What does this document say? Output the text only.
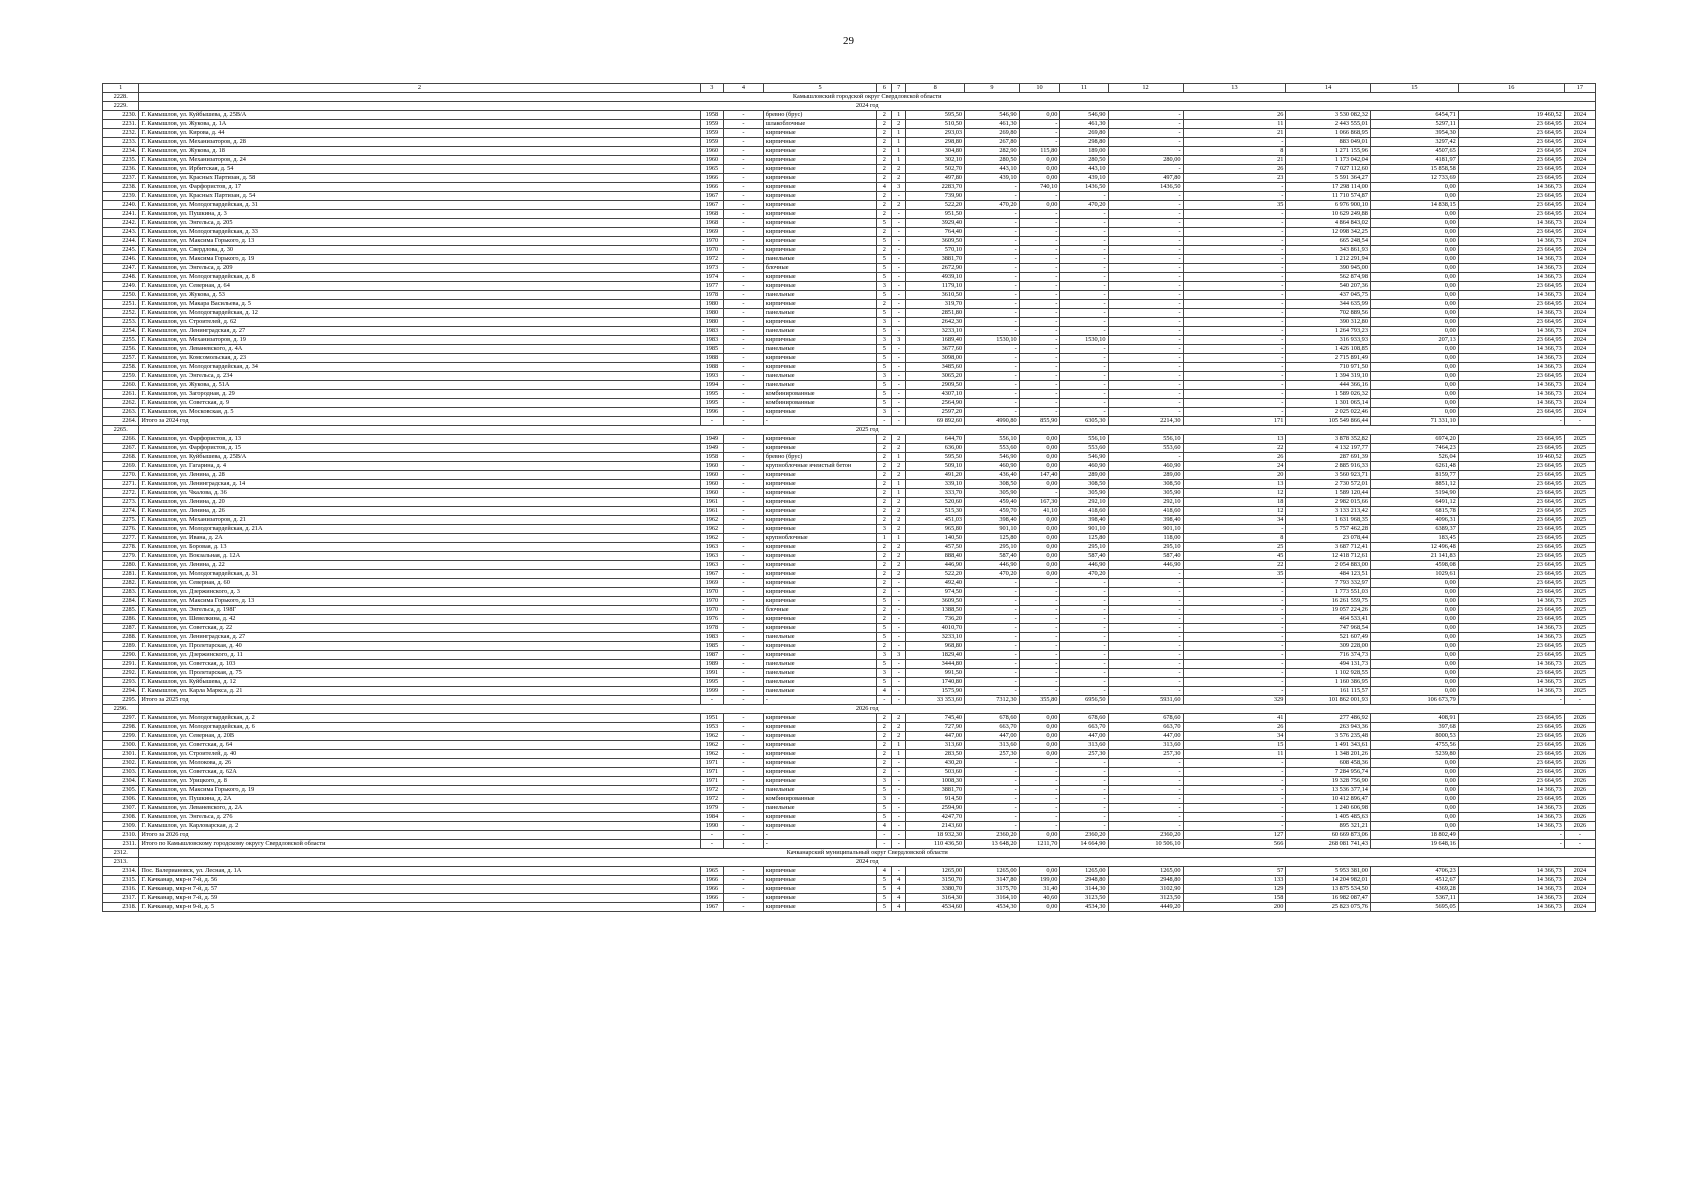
29
1	2	3	4	5	6	7	8	9	10	11	12	13	14	15	16	17
2228.	Камышловский городской округ Свердловской области															
2229.	2024 год															
2230.	Г. Камышлов, ул. Куйбышева, д. 25В/А	1958	-	бревно (брус)	2	1	595,50	546,90	0,00	546,90	-	26	3 530 082,32	6454,71	19 460,52	2024
2231.	Г. Камышлов, ул. Жукова, д. 1А	1959	-	шлакоблочные	2	2	510,50	461,30	-	461,30	-	11	2 443 555,01	5297,11	23 664,95	2024
2232.	Г. Камышлов, ул. Кирова, д. 44	1959	-	кирпичные	2	1	293,03	269,80	-	269,80	-	21	1 066 868,95	3954,30	23 664,95	2024
2233.	Г. Камышлов, ул. Механизаторов, д. 28	1959	-	кирпичные	2	1	298,80	267,80	-	298,80	-	-	883 049,01	3297,42	23 664,95	2024
2234.	Г. Камышлов, ул. Жукова, д. 18	1960	-	кирпичные	2	1	304,80	282,90	115,80	189,00	-	8	1 271 155,96	4507,65	23 664,95	2024
2235.	Г. Камышлов, ул. Механизаторов, д. 24	1960	-	кирпичные	2	1	302,10	280,50	0,00	280,50	280,00	21	1 173 042,04	4181,97	23 664,95	2024
2236.	Г. Камышлов, ул. Ирбитская, д. 54	1965	-	кирпичные	2	2	502,70	443,10	0,00	443,10	-	26	7 027 112,60	15 858,58	23 664,95	2024
2237.	Г. Камышлов, ул. Красных Партизан, д. 58	1966	-	кирпичные	2	2	497,80	439,10	0,00	439,10	497,80	23	5 591 364,27	12 733,69	23 664,95	2024
2238.	Г. Камышлов, ул. Фарфористов, д. 17	1966	-	кирпичные	4	3	2283,70	-	740,10	1436,50	1436,50	-	17 298 114,00	0,00	14 366,73	2024
2239.	Г. Камышлов, ул. Красных Партизан, д. 54	1967	-	кирпичные	2	-	739,90	-	-	-	-	-	11 710 574,87	0,00	23 664,95	2024
2240.	Г. Камышлов, ул. Молодогвардейская, д. 31	1967	-	кирпичные	2	2	522,20	470,20	0,00	470,20	-	35	6 976 900,10	14 838,15	23 664,95	2024
2241.	Г. Камышлов, ул. Пушкина, д. 3	1968	-	кирпичные	2	-	951,50	-	-	-	-	-	10 629 249,88	0,00	23 664,95	2024
2242.	Г. Камышлов, ул. Энгельса, д. 205	1968	-	кирпичные	5	-	3929,40	-	-	-	-	-	4 864 843,02	0,00	14 366,73	2024
2243.	Г. Камышлов, ул. Молодогвардейская, д. 33	1969	-	кирпичные	2	-	764,40	-	-	-	-	-	12 098 342,25	0,00	23 664,95	2024
2244.	Г. Камышлов, ул. Максима Горького, д. 13	1970	-	кирпичные	5	-	3609,50	-	-	-	-	-	665 248,54	0,00	14 366,73	2024
2245.	Г. Камышлов, ул. Свердлова, д. 30	1970	-	кирпичные	2	-	570,10	-	-	-	-	-	343 861,93	0,00	23 664,95	2024
2246.	Г. Камышлов, ул. Максима Горького, д. 19	1972	-	панельные	5	-	3881,70	-	-	-	-	-	1 212 291,94	0,00	14 366,73	2024
2247.	Г. Камышлов, ул. Энгельса, д. 209	1973	-	блочные	5	-	2672,90	-	-	-	-	-	390 945,00	0,00	14 366,73	2024
2248.	Г. Камышлов, ул. Молодогвардейская, д. 8	1974	-	кирпичные	5	-	4939,10	-	-	-	-	-	562 874,98	0,00	14 366,73	2024
2249.	Г. Камышлов, ул. Северная, д. 64	1977	-	кирпичные	3	-	1179,10	-	-	-	-	-	540 207,36	0,00	23 664,95	2024
2250.	Г. Камышлов, ул. Жукова, д. 53	1978	-	панельные	5	-	3610,50	-	-	-	-	-	437 045,75	0,00	14 366,73	2024
2251.	Г. Камышлов, ул. Макара Васильева, д. 5	1980	-	кирпичные	2	-	319,70	-	-	-	-	-	344 635,99	0,00	23 664,95	2024
2252.	Г. Камышлов, ул. Молодогвардейская, д. 12	1980	-	панельные	5	-	2851,80	-	-	-	-	-	702 889,56	0,00	14 366,73	2024
2253.	Г. Камышлов, ул. Строителей, д. 62	1980	-	кирпичные	3	-	2642,30	-	-	-	-	-	390 312,80	0,00	23 664,95	2024
2254.	Г. Камышлов, ул. Ленинградская, д. 27	1983	-	панельные	5	-	3233,10	-	-	-	-	-	1 264 793,23	0,00	14 366,73	2024
2255.	Г. Камышлов, ул. Механизаторов, д. 19	1983	-	кирпичные	3	3	1689,40	1530,10	-	1530,10	-	-	316 933,93	207,13	23 664,95	2024
2256.	Г. Камышлов, ул. Леваневского, д. 4А	1985	-	панельные	5	-	3677,60	-	-	-	-	-	1 426 108,85	0,00	14 366,73	2024
2257.	Г. Камышлов, ул. Комсомольская, д. 23	1988	-	кирпичные	5	-	3098,00	-	-	-	-	-	2 715 891,49	0,00	14 366,73	2024
2258.	Г. Камышлов, ул. Молодогвардейская, д. 34	1988	-	кирпичные	5	-	3485,60	-	-	-	-	-	710 971,50	0,00	14 366,73	2024
2259.	Г. Камышлов, ул. Энгельса, д. 234	1993	-	панельные	3	-	3065,20	-	-	-	-	-	1 394 319,10	0,00	23 664,95	2024
2260.	Г. Камышлов, ул. Жукова, д. 51А	1994	-	панельные	5	-	2909,50	-	-	-	-	-	444 366,16	0,00	14 366,73	2024
2261.	Г. Камышлов, ул. Загородная, д. 29	1995	-	комбинированные	5	-	4307,10	-	-	-	-	-	1 589 026,32	0,00	14 366,73	2024
2262.	Г. Камышлов, ул. Советская, д. 9	1995	-	комбинированные	5	-	2564,90	-	-	-	-	-	1 301 065,14	0,00	14 366,73	2024
2263.	Г. Камышлов, ул. Московская, д. 5	1996	-	кирпичные	3	-	2597,20	-	-	-	-	-	2 025 022,46	0,00	23 664,95	2024
2264.	Итого за 2024 год	-	-	-	-	-	69 892,60	4990,80	855,90	6305,30	2214,30	171	105 549 866,44	71 331,10	-	-
2265.	2025 год															
2266.	Г. Камышлов, ул. Фарфористов, д. 13	1949	-	кирпичные	2	2	644,70	556,10	0,00	556,10	556,10	13	3 878 352,82	6974,20	23 664,95	2025
2267.	Г. Камышлов, ул. Фарфористов, д. 15	1949	-	кирпичные	2	2	636,00	553,60	0,00	553,60	553,60	22	4 132 197,77	7464,23	23 664,95	2025
2268.	Г. Камышлов, ул. Куйбышева, д. 25В/А	1958	-	бревно (брус)	2	1	595,50	546,90	0,00	546,90	-	26	287 691,39	526,04	19 460,52	2025
2269.	Г. Камышлов, ул. Гагарина, д. 4	1960	-	крупноблочные ячеистый бетон	2	2	509,10	460,90	0,00	460,90	460,90	24	2 885 916,33	6261,48	23 664,95	2025
2270.	Г. Камышлов, ул. Ленина, д. 28	1960	-	кирпичные	2	2	491,20	436,40	147,40	289,00	289,00	20	3 560 923,71	8159,77	23 664,95	2025
2271.	Г. Камышлов, ул. Ленинградская, д. 14	1960	-	кирпичные	2	1	339,10	308,50	0,00	308,50	308,50	13	2 730 572,01	8851,12	23 664,95	2025
2272.	Г. Камышлов, ул. Чкалова, д. 36	1960	-	кирпичные	2	1	333,70	305,90	-	305,90	305,90	12	1 589 120,44	5194,90	23 664,95	2025
2273.	Г. Камышлов, ул. Ленина, д. 20	1961	-	кирпичные	2	2	520,60	459,40	167,30	292,10	292,10	18	2 982 015,66	6491,12	23 664,95	2025
2274.	Г. Камышлов, ул. Ленина, д. 26	1961	-	кирпичные	2	2	515,30	459,70	41,10	418,60	418,60	12	3 133 213,42	6815,78	23 664,95	2025
2275.	Г. Камышлов, ул. Механизаторов, д. 21	1962	-	кирпичные	2	2	451,03	398,40	0,00	398,40	398,40	34	1 631 968,35	4096,31	23 664,95	2025
2276.	Г. Камышлов, ул. Молодогвардейская, д. 21А	1962	-	кирпичные	3	2	965,80	901,10	0,00	901,10	901,10	-	5 757 462,28	6389,37	23 664,95	2025
2277.	Г. Камышлов, ул. Ивана, д. 2А	1962	-	крупноблочные	1	1	140,50	125,80	0,00	125,80	118,00	8	23 078,44	183,45	23 664,95	2025
2278.	Г. Камышлов, ул. Боровая, д. 13	1963	-	кирпичные	2	2	457,50	295,10	0,00	295,10	295,10	25	3 687 712,41	12 496,48	23 664,95	2025
2279.	Г. Камышлов, ул. Вокзальная, д. 12А	1963	-	кирпичные	2	2	888,40	587,40	0,00	587,40	587,40	45	12 418 712,61	21 141,83	23 664,95	2025
2280.	Г. Камышлов, ул. Ленина, д. 22	1963	-	кирпичные	2	2	446,90	446,90	0,00	446,90	446,90	22	2 054 883,00	4598,08	23 664,95	2025
2281.	Г. Камышлов, ул. Молодогвардейская, д. 31	1967	-	кирпичные	2	2	522,20	470,20	0,00	470,20	-	35	484 123,51	1029,61	23 664,95	2025
2282.	Г. Камышлов, ул. Северная, д. 60	1969	-	кирпичные	2	-	492,40	-	-	-	-	-	7 793 332,97	0,00	23 664,95	2025
2283.	Г. Камышлов, ул. Дзержинского, д. 3	1970	-	кирпичные	2	-	974,50	-	-	-	-	-	1 773 551,03	0,00	23 664,95	2025
2284.	Г. Камышлов, ул. Максима Горького, д. 13	1970	-	кирпичные	5	-	3609,50	-	-	-	-	-	16 261 559,75	0,00	14 366,73	2025
2285.	Г. Камышлов, ул. Энгельса, д. 198Г	1970	-	блочные	2	-	1388,50	-	-	-	-	-	19 057 224,26	0,00	23 664,95	2025
2286.	Г. Камышлов, ул. Шевелкина, д. 42	1976	-	кирпичные	2	-	736,20	-	-	-	-	-	464 533,41	0,00	23 664,95	2025
2287.	Г. Камышлов, ул. Советская, д. 22	1978	-	кирпичные	5	-	4010,70	-	-	-	-	-	747 968,54	0,00	14 366,73	2025
2288.	Г. Камышлов, ул. Ленинградская, д. 27	1983	-	панельные	5	-	3233,10	-	-	-	-	-	521 607,49	0,00	14 366,73	2025
2289.	Г. Камышлов, ул. Пролетарская, д. 40	1985	-	кирпичные	2	-	968,80	-	-	-	-	-	309 228,00	0,00	23 664,95	2025
2290.	Г. Камышлов, ул. Дзержинского, д. 11	1987	-	кирпичные	3	3	1829,40	-	-	-	-	-	716 374,73	0,00	23 664,95	2025
2291.	Г. Камышлов, ул. Советская, д. 103	1989	-	панельные	5	-	3444,80	-	-	-	-	-	494 131,73	0,00	14 366,73	2025
2292.	Г. Камышлов, ул. Пролетарская, д. 75	1991	-	панельные	3	-	991,50	-	-	-	-	-	1 102 928,55	0,00	23 664,95	2025
2293.	Г. Камышлов, ул. Куйбышева, д. 12	1995	-	панельные	5	-	1740,80	-	-	-	-	-	1 160 386,95	0,00	14 366,73	2025
2294.	Г. Камышлов, ул. Карла Маркса, д. 21	1999	-	панельные	4	-	1575,90	-	-	-	-	-	161 115,57	0,00	14 366,73	2025
2295.	Итого за 2025 год	-	-	-	-	-	33 353,60	7312,30	355,80	6956,50	5931,60	329	101 862 001,93	106 673,79	-	-
2296.	2026 год															
2297.	Г. Камышлов, ул. Молодогвардейская, д. 2	1951	-	кирпичные	2	2	745,40	678,60	0,00	678,60	678,60	41	277 486,92	408,91	23 664,95	2026
2298.	Г. Камышлов, ул. Молодогвардейская, д. 6	1953	-	кирпичные	2	2	727,90	663,70	0,00	663,70	663,70	26	263 943,36	397,68	23 664,95	2026
2299.	Г. Камышлов, ул. Северная, д. 20В	1962	-	кирпичные	2	2	447,00	447,00	0,00	447,00	447,00	34	3 576 235,48	8000,53	23 664,95	2026
2300.	Г. Камышлов, ул. Советская, д. 64	1962	-	кирпичные	2	1	313,60	313,60	0,00	313,60	313,60	15	1 491 343,61	4755,56	23 664,95	2026
2301.	Г. Камышлов, ул. Строителей, д. 40	1962	-	кирпичные	2	1	283,50	257,30	0,00	257,30	257,30	11	1 348 201,26	5239,80	23 664,95	2026
2302.	Г. Камышлов, ул. Молокова, д. 26	1971	-	кирпичные	2	-	430,20	-	-	-	-	-	608 458,36	0,00	23 664,95	2026
2303.	Г. Камышлов, ул. Советская, д. 62А	1971	-	кирпичные	2	-	503,60	-	-	-	-	-	7 284 956,74	0,00	23 664,95	2026
2304.	Г. Камышлов, ул. Урицкого, д. 8	1971	-	кирпичные	3	-	1008,30	-	-	-	-	-	19 328 756,90	0,00	23 664,95	2026
2305.	Г. Камышлов, ул. Максима Горького, д. 19	1972	-	панельные	5	-	3881,70	-	-	-	-	-	13 536 377,14	0,00	14 366,73	2026
2306.	Г. Камышлов, ул. Пушкина, д. 2А	1972	-	комбинированные	3	-	914,50	-	-	-	-	-	10 412 896,47	0,00	23 664,95	2026
2307.	Г. Камышлов, ул. Леваневского, д. 2А	1979	-	панельные	5	-	2594,90	-	-	-	-	-	1 240 606,98	0,00	14 366,73	2026
2308.	Г. Камышлов, ул. Энгельса, д. 276	1984	-	кирпичные	5	-	4247,70	-	-	-	-	-	1 405 485,63	0,00	14 366,73	2026
2309.	Г. Камышлов, ул. Карловарская, д. 2	1990	-	кирпичные	4	-	2143,60	-	-	-	-	-	895 321,21	0,00	14 366,73	2026
2310.	Итого за 2026 год	-	-	-	-	-	18 932,30	2360,20	0,00	2360,20	2360,20	127	60 669 873,06	18 802,49	-	-
2311.	Итого по Камышловскому городскому округу Свердловской области	-	-	-	-	-	110 436,50	13 648,20	1211,70	14 664,90	10 506,10	566	268 081 741,43	19 648,16	-	-
2312.	Качканарский муниципальный округ Свердловской области															
2313.	2024 год															
2314.	Пос. Валериановск, ул. Лесная, д. 1А	1965	-	кирпичные	4	-	1265,00	1265,00	0,00	1265,00	1265,00	57	5 953 381,00	4706,23	14 366,73	2024
2315.	Г. Качканар, мкр-н 7-й, д. 56	1966	-	кирпичные	5	4	3150,70	3147,80	199,00	2948,80	2948,80	133	14 204 982,01	4512,67	14 366,73	2024
2316.	Г. Качканар, мкр-н 7-й, д. 57	1966	-	кирпичные	5	4	3380,70	3175,70	31,40	3144,30	3102,90	129	13 875 534,50	4369,28	14 366,73	2024
2317.	Г. Качканар, мкр-н 7-й, д. 59	1966	-	кирпичные	5	4	3164,30	3164,10	40,60	3123,50	3123,50	158	16 982 087,47	5367,11	14 366,73	2024
2318.	Г. Качканар, мкр-н 9-й, д. 5	1967	-	кирпичные	5	4	4534,60	4534,30	0,00	4534,30	4449,20	200	25 823 075,76	5695,05	14 366,73	2024
